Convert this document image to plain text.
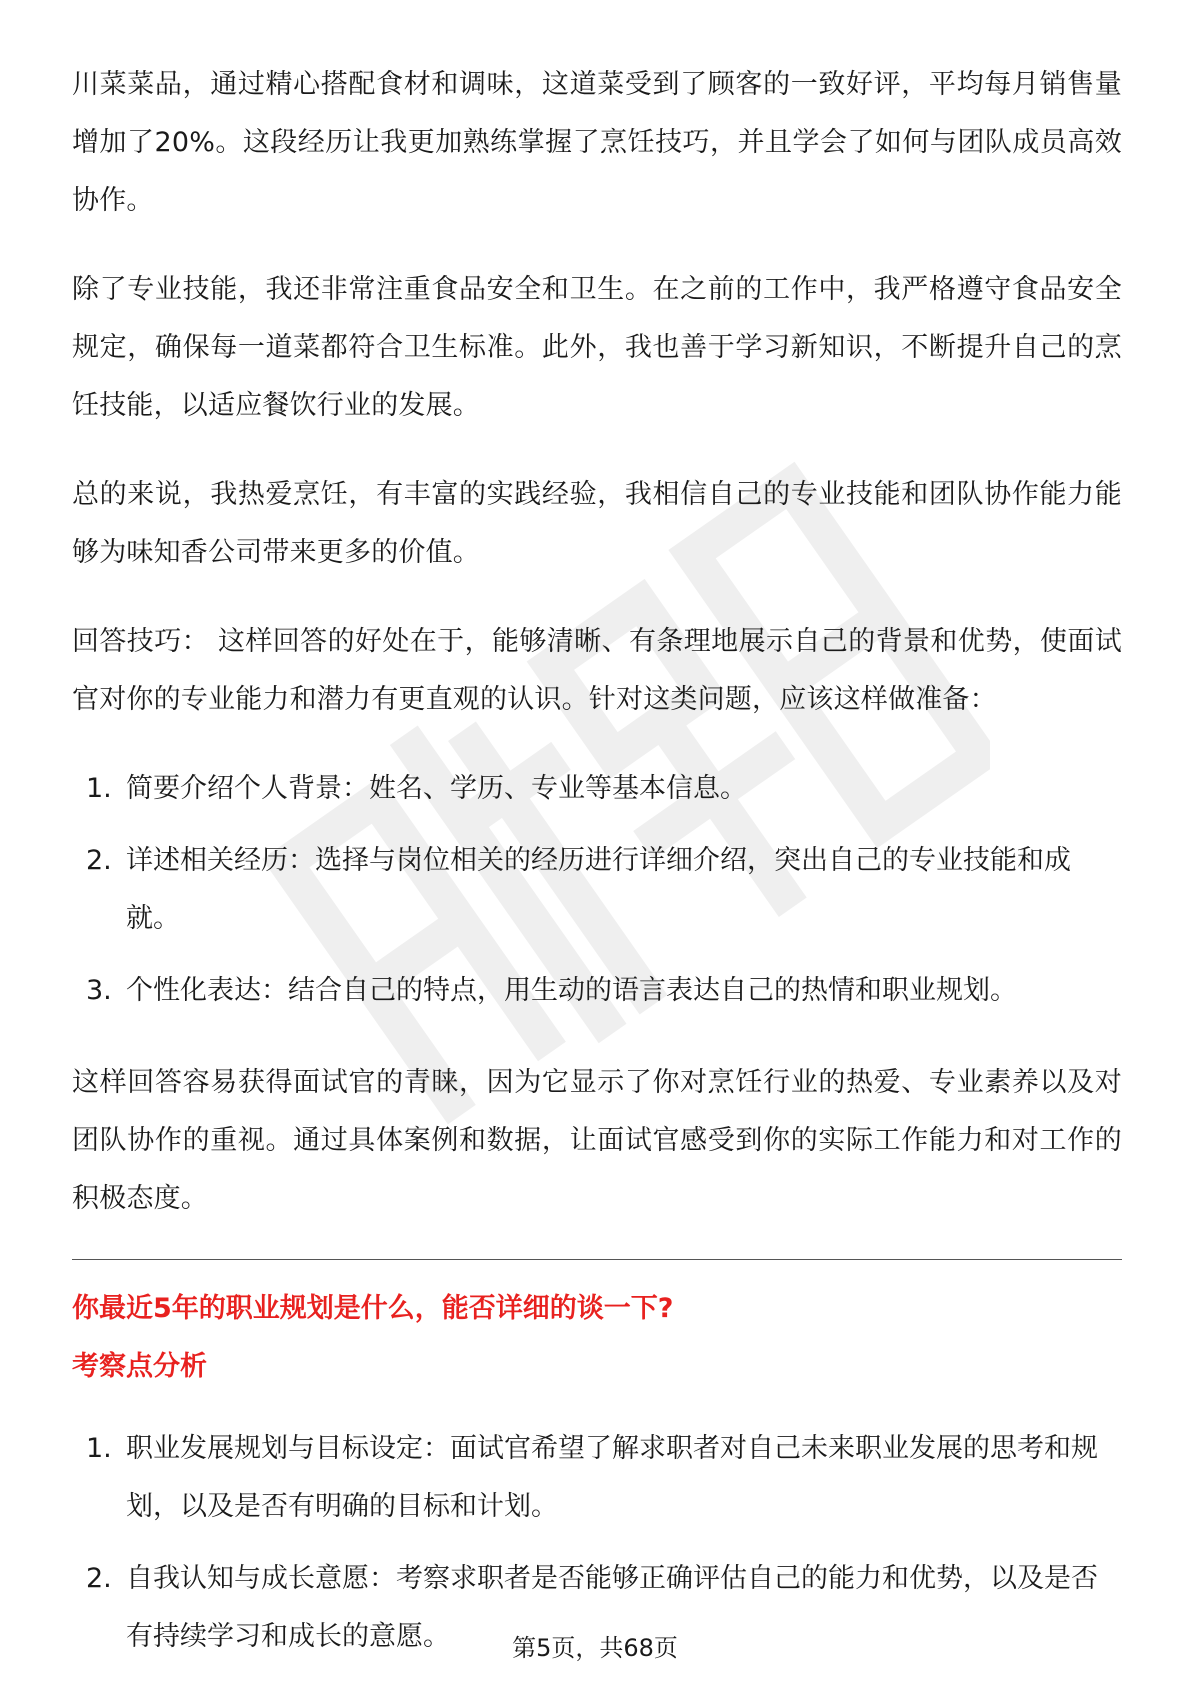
川菜菜品，通过精心搭配食材和调味，这道菜受到了顾客的一致好评，平均每月销售量增加了20%。这段经历让我更加熟练掌握了烹饪技巧，并且学会了如何与团队成员高效协作。

除了专业技能，我还非常注重食品安全和卫生。在之前的工作中，我严格遵守食品安全规定，确保每一道菜都符合卫生标准。此外，我也善于学习新知识，不断提升自己的烹饪技能，以适应餐饮行业的发展。

总的来说，我热爱烹饪，有丰富的实践经验，我相信自己的专业技能和团队协作能力能够为味知香公司带来更多的价值。

回答技巧： 这样回答的好处在于，能够清晰、有条理地展示自己的背景和优势，使面试官对你的专业能力和潜力有更直观的认识。针对这类问题，应该这样做准备：

1. 简要介绍个人背景：姓名、学历、专业等基本信息。
2. 详述相关经历：选择与岗位相关的经历进行详细介绍，突出自己的专业技能和成就。
3. 个性化表达：结合自己的特点，用生动的语言表达自己的热情和职业规划。

这样回答容易获得面试官的青睐，因为它显示了你对烹饪行业的热爱、专业素养以及对团队协作的重视。通过具体案例和数据，让面试官感受到你的实际工作能力和对工作的积极态度。

你最近5年的职业规划是什么，能否详细的谈一下?
考察点分析
1. 职业发展规划与目标设定：面试官希望了解求职者对自己未来职业发展的思考和规划，以及是否有明确的目标和计划。
2. 自我认知与成长意愿：考察求职者是否能够正确评估自己的能力和优势，以及是否有持续学习和成长的意愿。	第5页，共68页
